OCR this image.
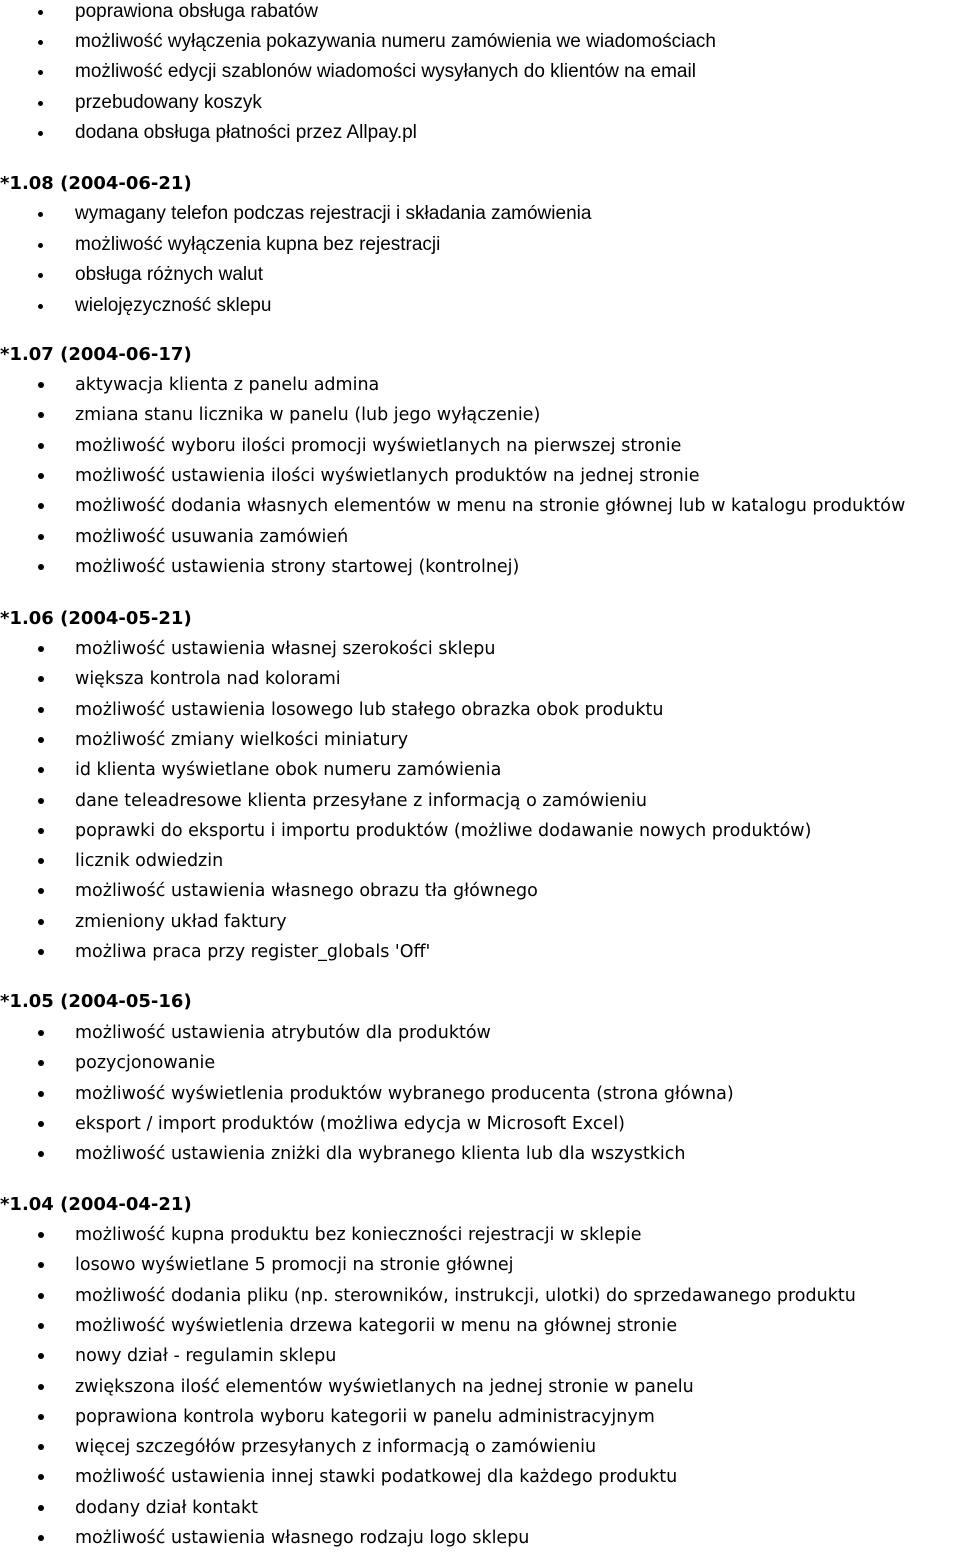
poprawiona obsługa rabatów
możliwość wyłączenia pokazywania numeru zamówienia we wiadomościach
możliwość edycji szablonów wiadomości wysyłanych do klientów na email
przebudowany koszyk
dodana obsługa płatności przez Allpay.pl
*1.08 (2004-06-21)
wymagany telefon podczas rejestracji i składania zamówienia
możliwość wyłączenia kupna bez rejestracji
obsługa różnych walut
wielojęzyczność sklepu
*1.07 (2004-06-17)
aktywacja klienta z panelu admina
zmiana stanu licznika w panelu (lub jego wyłączenie)
możliwość wyboru ilości promocji wyświetlanych na pierwszej stronie
możliwość ustawienia ilości wyświetlanych produktów na jednej stronie
możliwość dodania własnych elementów w menu na stronie głównej lub w katalogu produktów
możliwość usuwania zamówień
możliwość ustawienia strony startowej (kontrolnej)
*1.06 (2004-05-21)
możliwość ustawienia własnej szerokości sklepu
większa kontrola nad kolorami
możliwość ustawienia losowego lub stałego obrazka obok produktu
możliwość zmiany wielkości miniatury
id klienta wyświetlane obok numeru zamówienia
dane teleadresowe klienta przesyłane z informacją o zamówieniu
poprawki do eksportu i importu produktów (możliwe dodawanie nowych produktów)
licznik odwiedzin
możliwość ustawienia własnego obrazu tła głównego
zmieniony układ faktury
możliwa praca przy register_globals 'Off'
*1.05 (2004-05-16)
możliwość ustawienia atrybutów dla produktów
pozycjonowanie
możliwość wyświetlenia produktów wybranego producenta (strona główna)
eksport / import produktów (możliwa edycja w Microsoft Excel)
możliwość ustawienia zniżki dla wybranego klienta lub dla wszystkich
*1.04 (2004-04-21)
możliwość kupna produktu bez konieczności rejestracji w sklepie
losowo wyświetlane 5 promocji na stronie głównej
możliwość dodania pliku (np. sterowników, instrukcji, ulotki) do sprzedawanego produktu
możliwość wyświetlenia drzewa kategorii w menu na głównej stronie
nowy dział - regulamin sklepu
zwiększona ilość elementów wyświetlanych na jednej stronie w panelu
poprawiona kontrola wyboru kategorii w panelu administracyjnym
więcej szczegółów przesyłanych z informacją o zamówieniu
możliwość ustawienia innej stawki podatkowej dla każdego produktu
dodany dział kontakt
możliwość ustawienia własnego rodzaju logo sklepu
